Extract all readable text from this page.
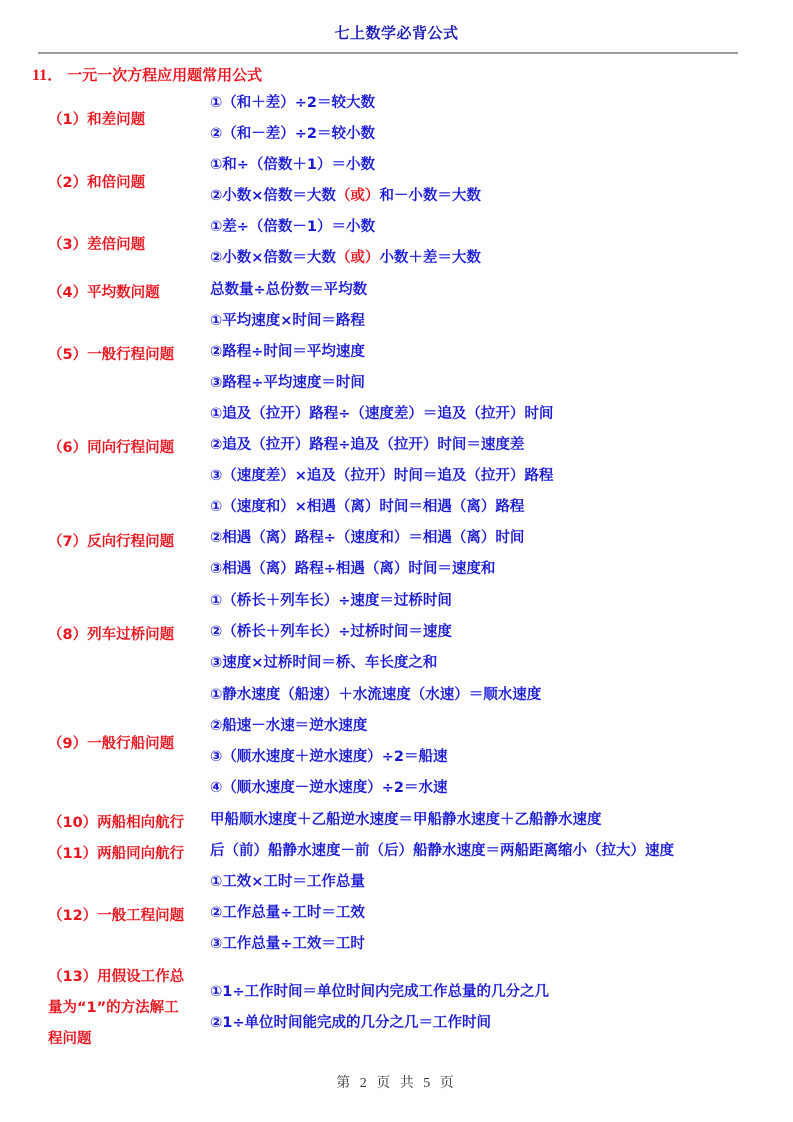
七上数学必背公式
11． 一元一次方程应用题常用公式
（1）和差问题
①（和＋差）÷2＝较大数
②（和－差）÷2＝较小数
（2）和倍问题
①和÷（倍数＋1）＝小数
②小数×倍数＝大数（或）和－小数＝大数
（3）差倍问题
①差÷（倍数－1）＝小数
②小数×倍数＝大数（或）小数＋差＝大数
（4）平均数问题	总数量÷总份数＝平均数
（5）一般行程问题
①平均速度×时间＝路程
②路程÷时间＝平均速度
③路程÷平均速度＝时间
（6）同向行程问题
①追及（拉开）路程÷（速度差）＝追及（拉开）时间
②追及（拉开）路程÷追及（拉开）时间＝速度差
③（速度差）×追及（拉开）时间＝追及（拉开）路程
（7）反向行程问题
①（速度和）×相遇（离）时间＝相遇（离）路程
②相遇（离）路程÷（速度和）＝相遇（离）时间
③相遇（离）路程÷相遇（离）时间＝速度和
（8）列车过桥问题
①（桥长＋列车长）÷速度＝过桥时间
②（桥长＋列车长）÷过桥时间＝速度
③速度×过桥时间＝桥、车长度之和
（9）一般行船问题
①静水速度（船速）＋水流速度（水速）＝顺水速度
②船速－水速＝逆水速度
③（顺水速度＋逆水速度）÷2＝船速
④（顺水速度－逆水速度）÷2＝水速
（10）两船相向航行 甲船顺水速度＋乙船逆水速度＝甲船静水速度＋乙船静水速度
（11）两船同向航行 后（前）船静水速度－前（后）船静水速度＝两船距离缩小（拉大）速度
（12）一般工程问题
①工效×工时＝工作总量
②工作总量÷工时＝工效
③工作总量÷工效＝工时
（13）用假设工作总
量为“1”的方法解工
程问题
①1÷工作时间＝单位时间内完成工作总量的几分之几
②1÷单位时间能完成的几分之几＝工作时间
第 2 页 共 5 页
